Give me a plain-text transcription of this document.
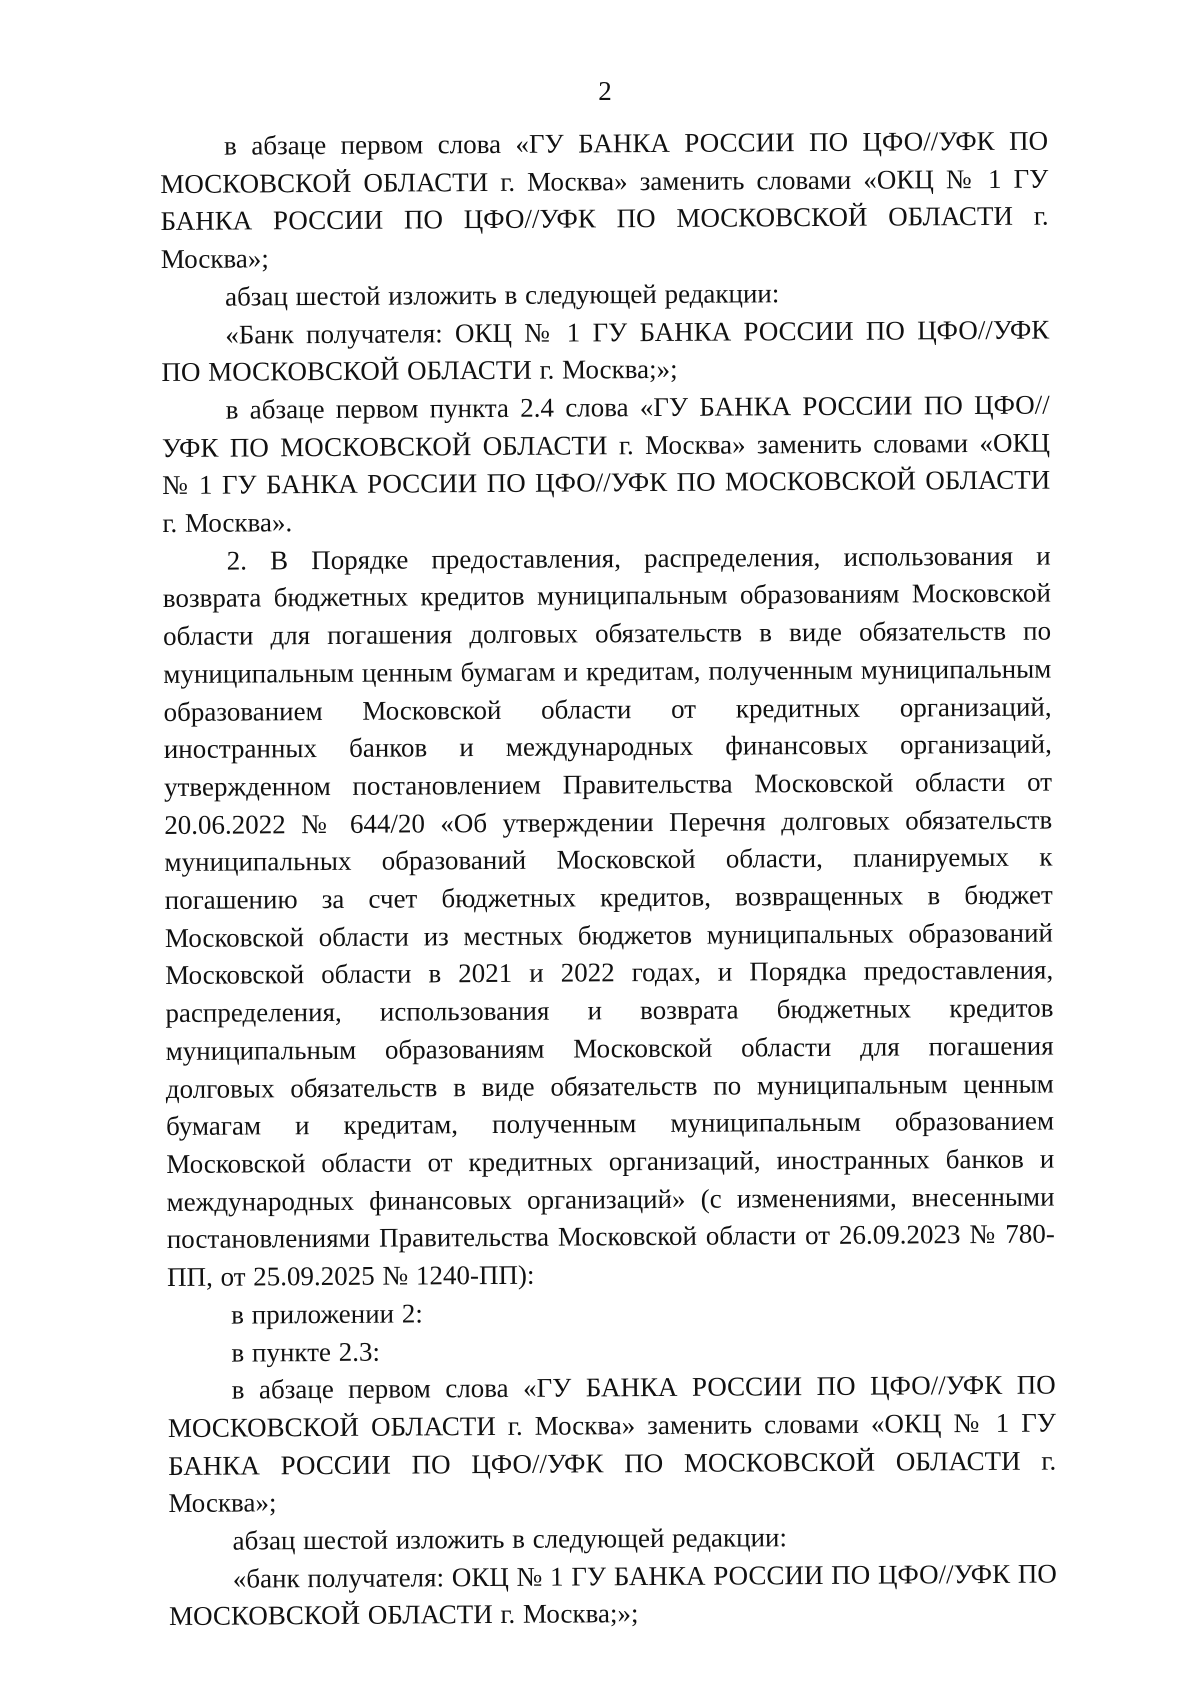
2

в абзаце первом слова «ГУ БАНКА РОССИИ ПО ЦФО//УФК ПО МОСКОВСКОЙ ОБЛАСТИ г. Москва» заменить словами «ОКЦ № 1 ГУ БАНКА РОССИИ ПО ЦФО//УФК ПО МОСКОВСКОЙ ОБЛАСТИ г. Москва»;

абзац шестой изложить в следующей редакции:

«Банк получателя: ОКЦ № 1 ГУ БАНКА РОССИИ ПО ЦФО//УФК ПО МОСКОВСКОЙ ОБЛАСТИ г. Москва;»;

в абзаце первом пункта 2.4 слова «ГУ БАНКА РОССИИ ПО ЦФО//УФК ПО МОСКОВСКОЙ ОБЛАСТИ г. Москва» заменить словами «ОКЦ № 1 ГУ БАНКА РОССИИ ПО ЦФО//УФК ПО МОСКОВСКОЙ ОБЛАСТИ г. Москва».

2. В Порядке предоставления, распределения, использования и возврата бюджетных кредитов муниципальным образованиям Московской области для погашения долговых обязательств в виде обязательств по муниципальным ценным бумагам и кредитам, полученным муниципальным образованием Московской области от кредитных организаций, иностранных банков и международных финансовых организаций, утвержденном постановлением Правительства Московской области от 20.06.2022 № 644/20 «Об утверждении Перечня долговых обязательств муниципальных образований Московской области, планируемых к погашению за счет бюджетных кредитов, возвращенных в бюджет Московской области из местных бюджетов муниципальных образований Московской области в 2021 и 2022 годах, и Порядка предоставления, распределения, использования и возврата бюджетных кредитов муниципальным образованиям Московской области для погашения долговых обязательств в виде обязательств по муниципальным ценным бумагам и кредитам, полученным муниципальным образованием Московской области от кредитных организаций, иностранных банков и международных финансовых организаций» (с изменениями, внесенными постановлениями Правительства Московской области от 26.09.2023 № 780-ПП, от 25.09.2025 № 1240-ПП):

в приложении 2:

в пункте 2.3:

в абзаце первом слова «ГУ БАНКА РОССИИ ПО ЦФО//УФК ПО МОСКОВСКОЙ ОБЛАСТИ г. Москва» заменить словами «ОКЦ № 1 ГУ БАНКА РОССИИ ПО ЦФО//УФК ПО МОСКОВСКОЙ ОБЛАСТИ г. Москва»;

абзац шестой изложить в следующей редакции:

«банк получателя: ОКЦ № 1 ГУ БАНКА РОССИИ ПО ЦФО//УФК ПО МОСКОВСКОЙ ОБЛАСТИ г. Москва;»;
